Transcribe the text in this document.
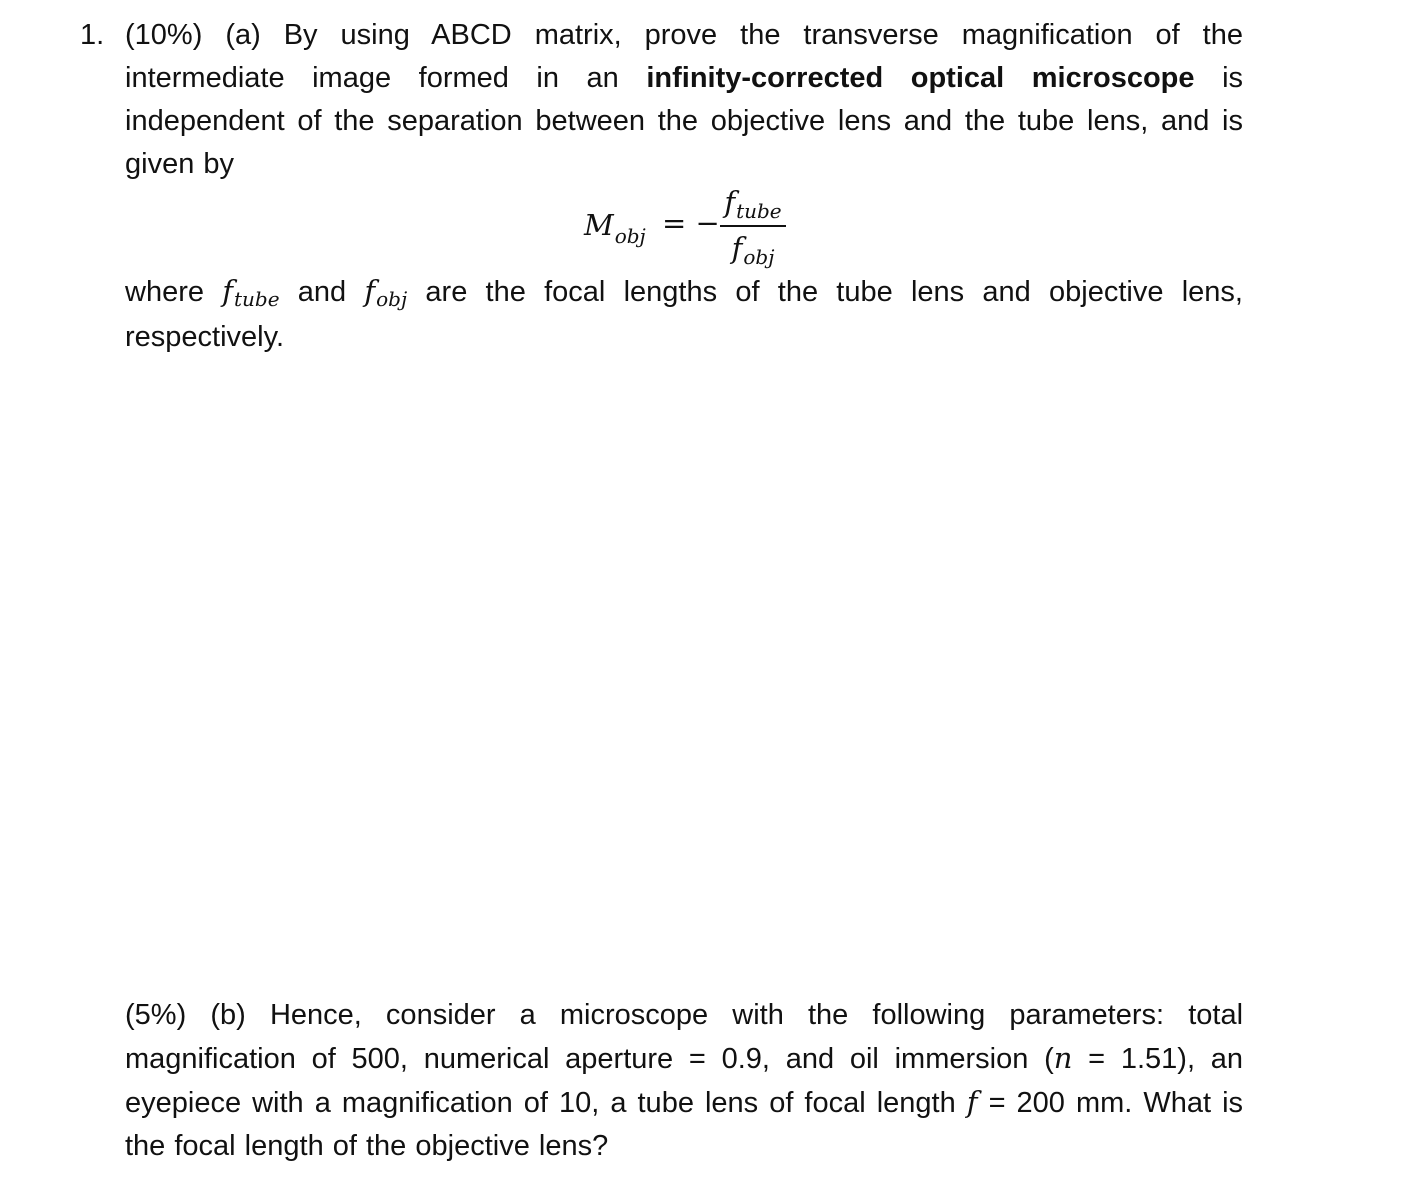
1. (10%) (a) By using ABCD matrix, prove the transverse magnification of the intermediate image formed in an infinity-corrected optical microscope is independent of the separation between the objective lens and the tube lens, and is given by
$M_{obj}$ = −
$f_{tube}$
$f_{obj}$
where ftube and fobj are the focal lengths of the tube lens and objective lens, respectively.
(5%) (b) Hence, consider a microscope with the following parameters: total magnification of 500, numerical aperture = 0.9, and oil immersion (n = 1.51), an eyepiece with a magnification of 10, a tube lens of focal length f = 200 mm. What is the focal length of the objective lens?
